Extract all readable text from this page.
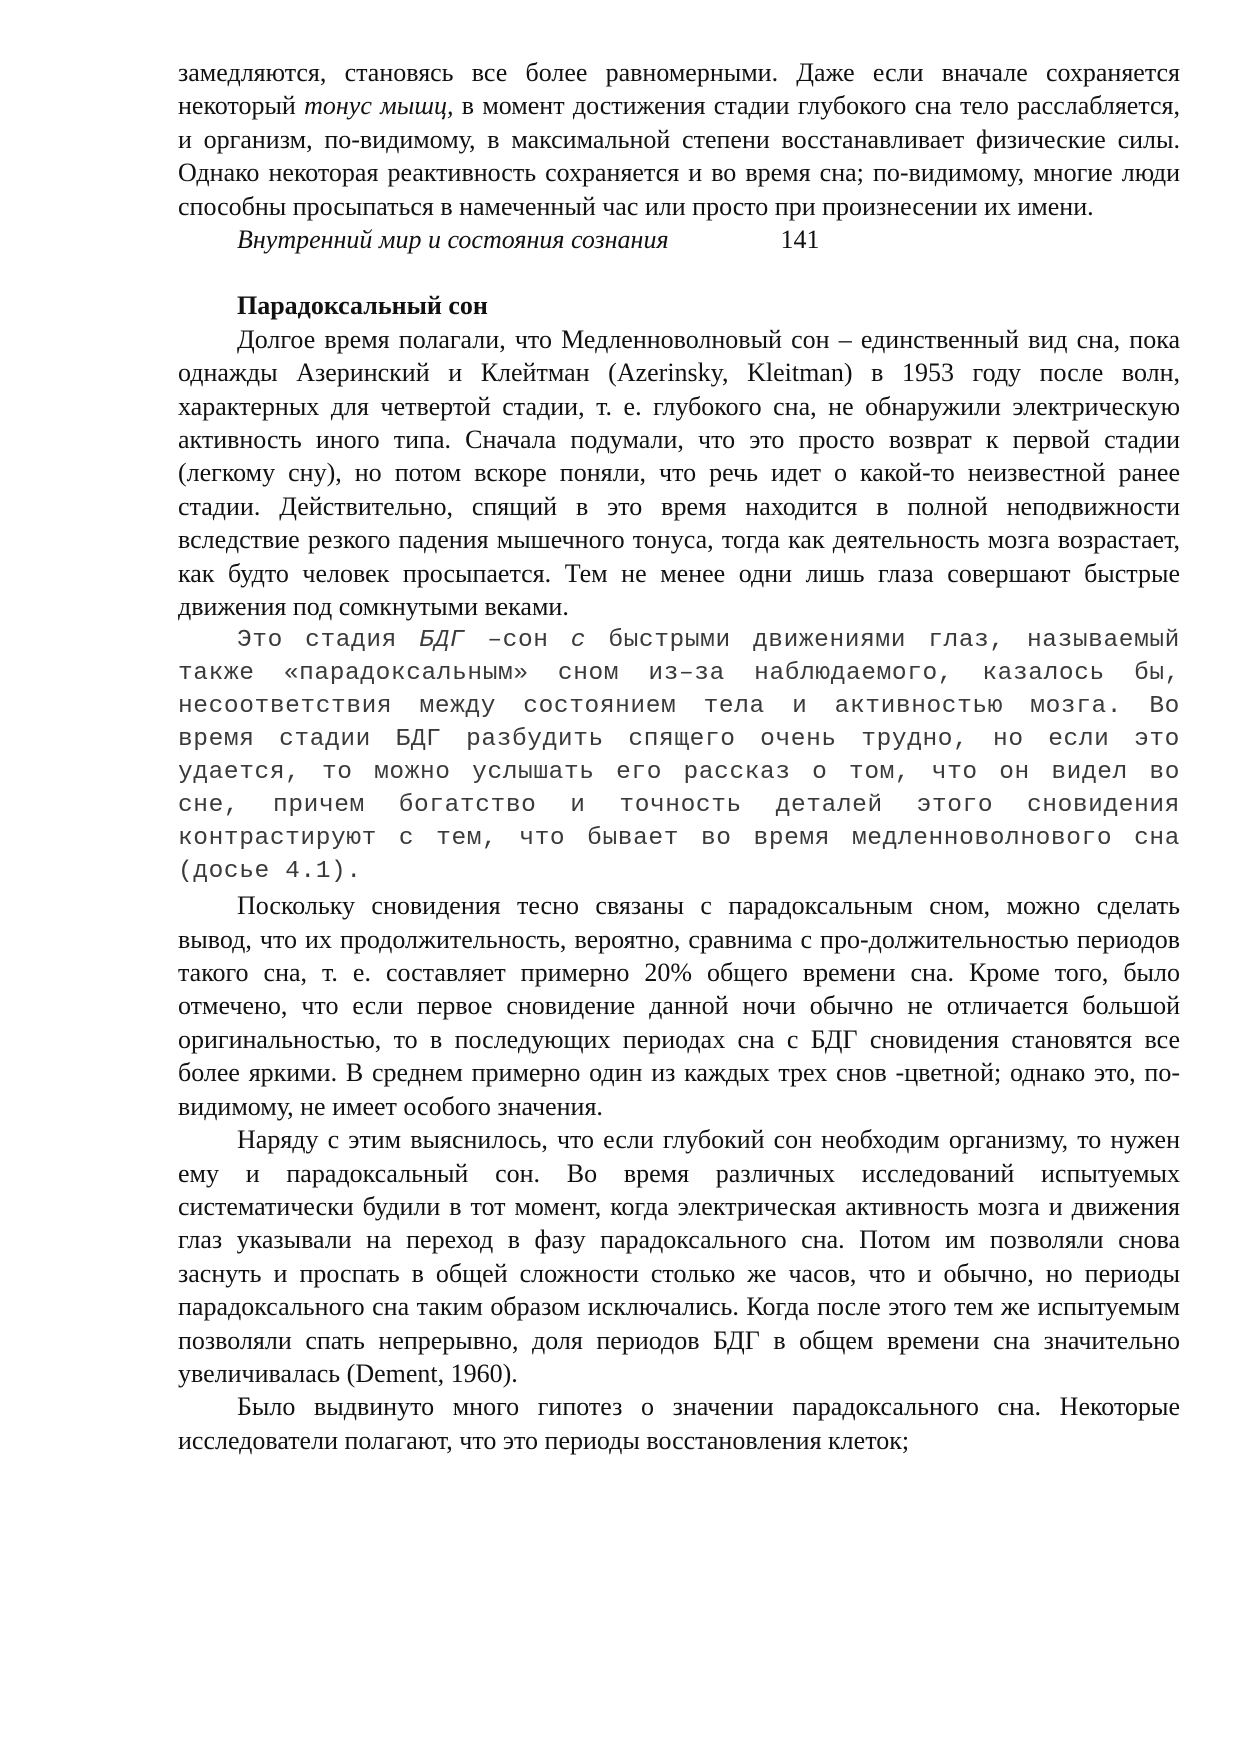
замедляются, становясь все более равномерными. Даже если вначале сохраняется некоторый тонус мышц, в момент достижения стадии глубокого сна тело расслабляется, и организм, по-видимому, в максимальной степени восстанавливает физические силы. Однако некоторая реактивность сохраняется и во время сна; по-видимому, многие люди способны просыпаться в намеченный час или просто при произнесении их имени.

Внутренний мир и состояния сознания	141

Парадоксальный сон

Долгое время полагали, что Медленноволновый сон – единственный вид сна, пока однажды Азеринский и Клейтман (Azerinsky, Kleitman) в 1953 году после волн, характерных для четвертой стадии, т. е. глубокого сна, не обнаружили электрическую активность иного типа. Сначала подумали, что это просто возврат к первой стадии (легкому сну), но потом вскоре поняли, что речь идет о какой-то неизвестной ранее стадии. Действительно, спящий в это время находится в полной неподвижности вследствие резкого падения мышечного тонуса, тогда как деятельность мозга возрастает, как будто человек просыпается. Тем не менее одни лишь глаза совершают быстрые движения под сомкнутыми веками.

Это стадия БДГ –сон с быстрыми движениями глаз, называемый также «парадоксальным» сном из–за наблюдаемого, казалось бы, несоответствия между состоянием тела и активностью мозга. Во время стадии БДГ разбудить спящего очень трудно, но если это удается, то можно услышать его рассказ о том, что он видел во сне, причем богатство и точность деталей этого сновидения контрастируют с тем, что бывает во время медленноволнового сна (досье 4.1).

Поскольку сновидения тесно связаны с парадоксальным сном, можно сделать вывод, что их продолжительность, вероятно, сравнима с про-должительностью периодов такого сна, т. е. составляет примерно 20% общего времени сна. Кроме того, было отмечено, что если первое сновидение данной ночи обычно не отличается большой оригинальностью, то в последующих периодах сна с БДГ сновидения становятся все более яркими. В среднем примерно один из каждых трех снов -цветной; однако это, по-видимому, не имеет особого значения.

Наряду с этим выяснилось, что если глубокий сон необходим организму, то нужен ему и парадоксальный сон. Во время различных исследований испытуемых систематически будили в тот момент, когда электрическая активность мозга и движения глаз указывали на переход в фазу парадоксального сна. Потом им позволяли снова заснуть и проспать в общей сложности столько же часов, что и обычно, но периоды парадоксального сна таким образом исключались. Когда после этого тем же испытуемым позволяли спать непрерывно, доля периодов БДГ в общем времени сна значительно увеличивалась (Dement, 1960).

Было выдвинуто много гипотез о значении парадоксального сна. Некоторые исследователи полагают, что это периоды восстановления клеток;
